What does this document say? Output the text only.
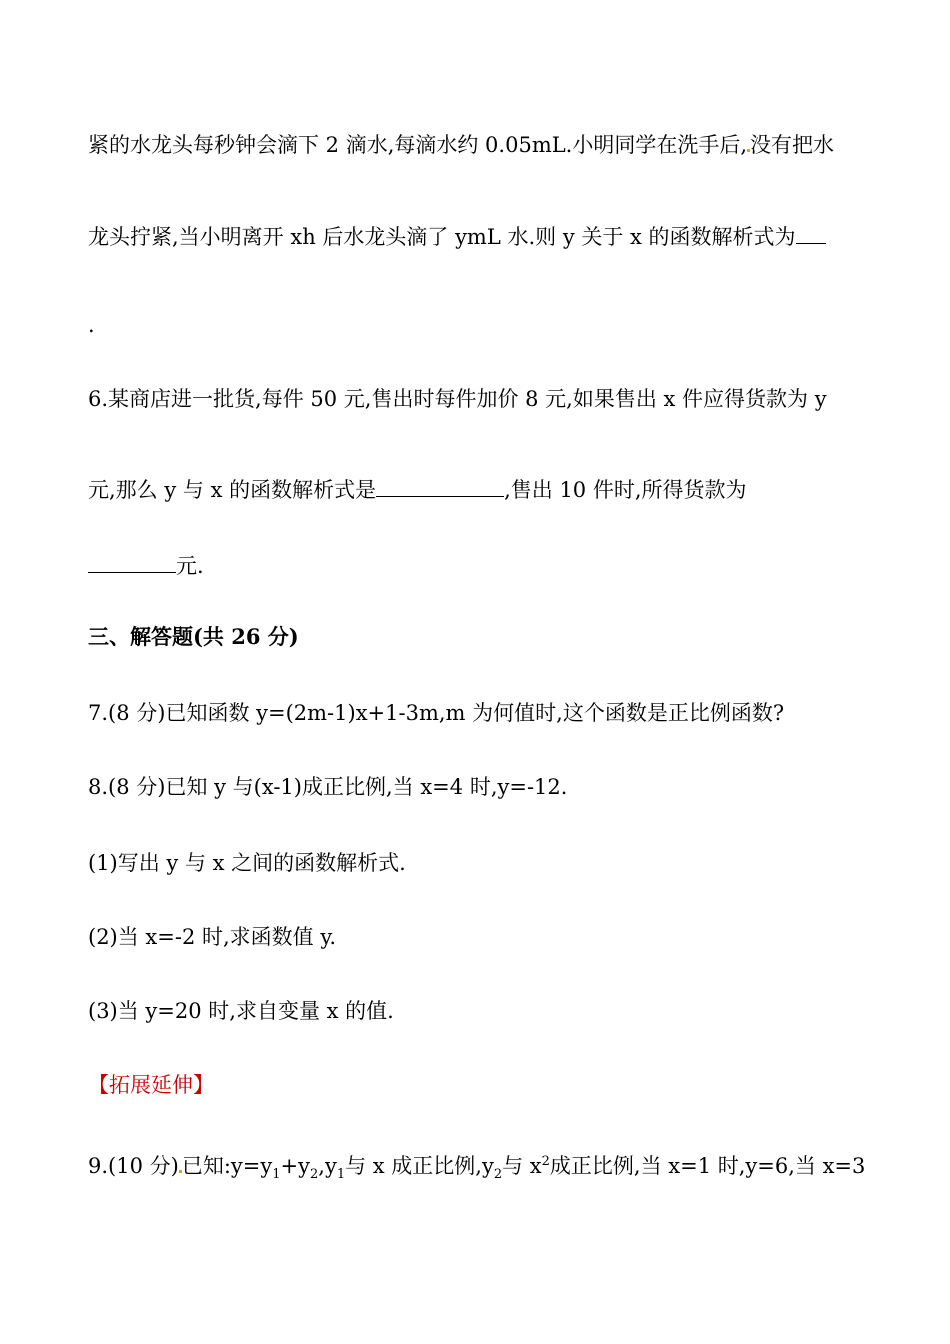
紧的水龙头每秒钟会滴下 2 滴水,每滴水约 0.05mL.小明同学在洗手后, 没有把水
龙头拧紧,当小明离开 xh 后水龙头滴了 ymL 水.则 y 关于 x 的函数解析式为
.
6.某商店进一批货,每件 50 元,售出时每件加价 8 元,如果售出 x 件应得货款为 y
元,那么 y 与 x 的函数解析式是	,售出 10 件时,所得货款为
元.
三、解答题(共 26 分)
7.(8 分)已知函数 y=(2m-1)x+1-3m,m 为何值时,这个函数是正比例函数?
8.(8 分)已知 y 与(x-1)成正比例,当 x=4 时,y=-12.
(1)写出 y 与 x 之间的函数解析式.
(2)当 x=-2 时,求函数值 y.
(3)当 y=20 时,求自变量 x 的值.
【拓展延伸】
9.(10 分) 已知$:y=y_1+y_2,y_1$与 x 成正比例$,y_2$与 $x^2$成正比例,当 x=1 时,y=6,当 x=3
